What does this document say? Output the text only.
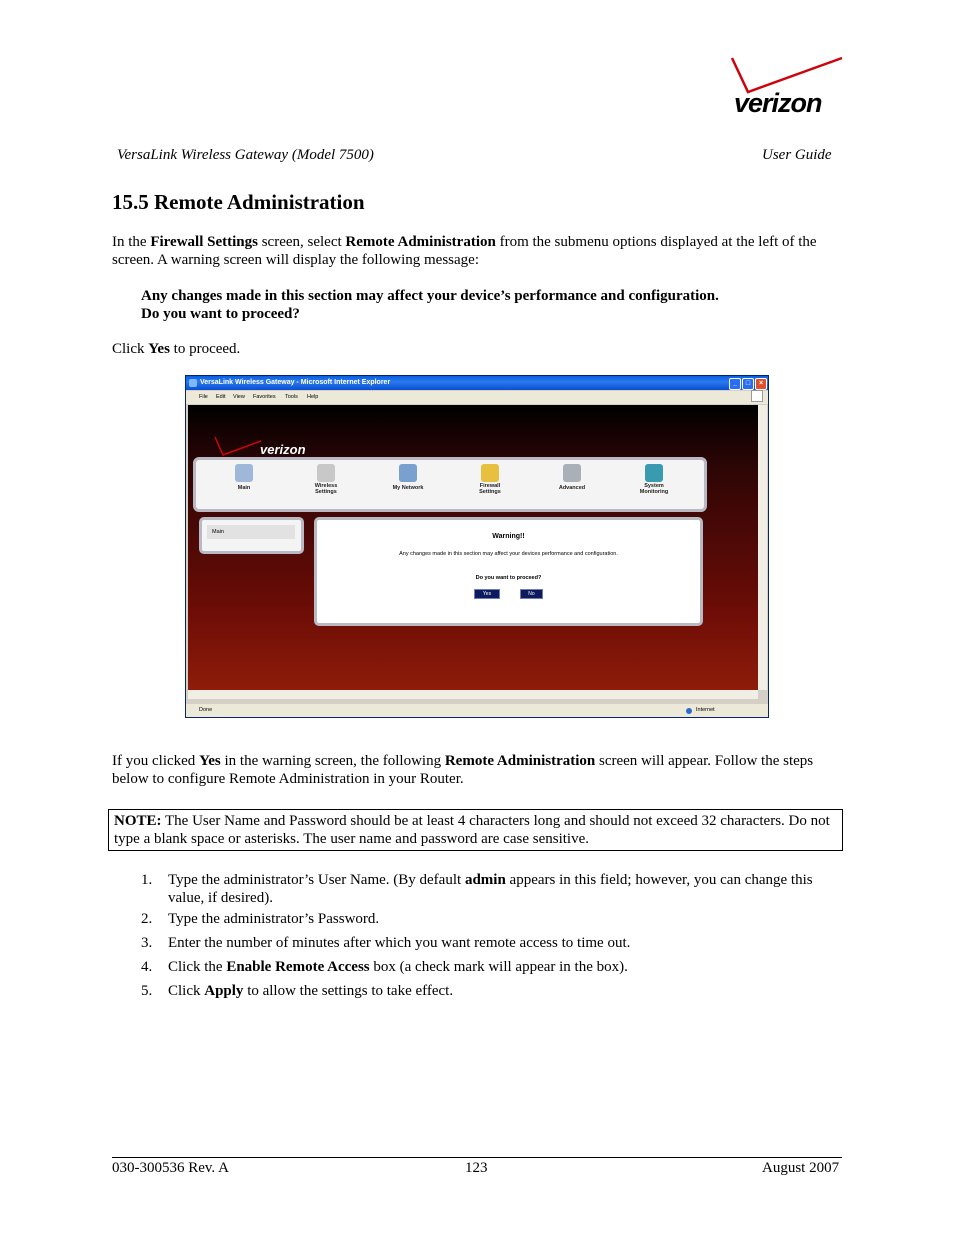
verizon
VersaLink Wireless Gateway (Model 7500)	User Guide
15.5 Remote Administration
In the Firewall Settings screen, select Remote Administration from the submenu options displayed at the left of the screen. A warning screen will display the following message:
Any changes made in this section may affect your device’s performance and configuration.
Do you want to proceed?
Click Yes to proceed.
VersaLink Wireless Gateway - Microsoft Internet Explorer	_	□	×
File Edit View Favorites Tools Help
verizon
Main	Wireless Settings
My Network	Firewall Settings
Advanced	System Monitoring
Main
Warning!!
Any changes made in this section may affect your devices performance and configuration.
Do you want to proceed?
Yes	No
Done	Internet
If you clicked Yes in the warning screen, the following Remote Administration screen will appear. Follow the steps below to configure Remote Administration in your Router.
NOTE: The User Name and Password should be at least 4 characters long and should not exceed 32 characters. Do not type a blank space or asterisks. The user name and password are case sensitive.
1. Type the administrator’s User Name. (By default admin appears in this field; however, you can change this value, if desired).
2. Type the administrator’s Password.
3. Enter the number of minutes after which you want remote access to time out.
4. Click the Enable Remote Access box (a check mark will appear in the box).
5. Click Apply to allow the settings to take effect.
030-300536 Rev. A	123	August 2007
